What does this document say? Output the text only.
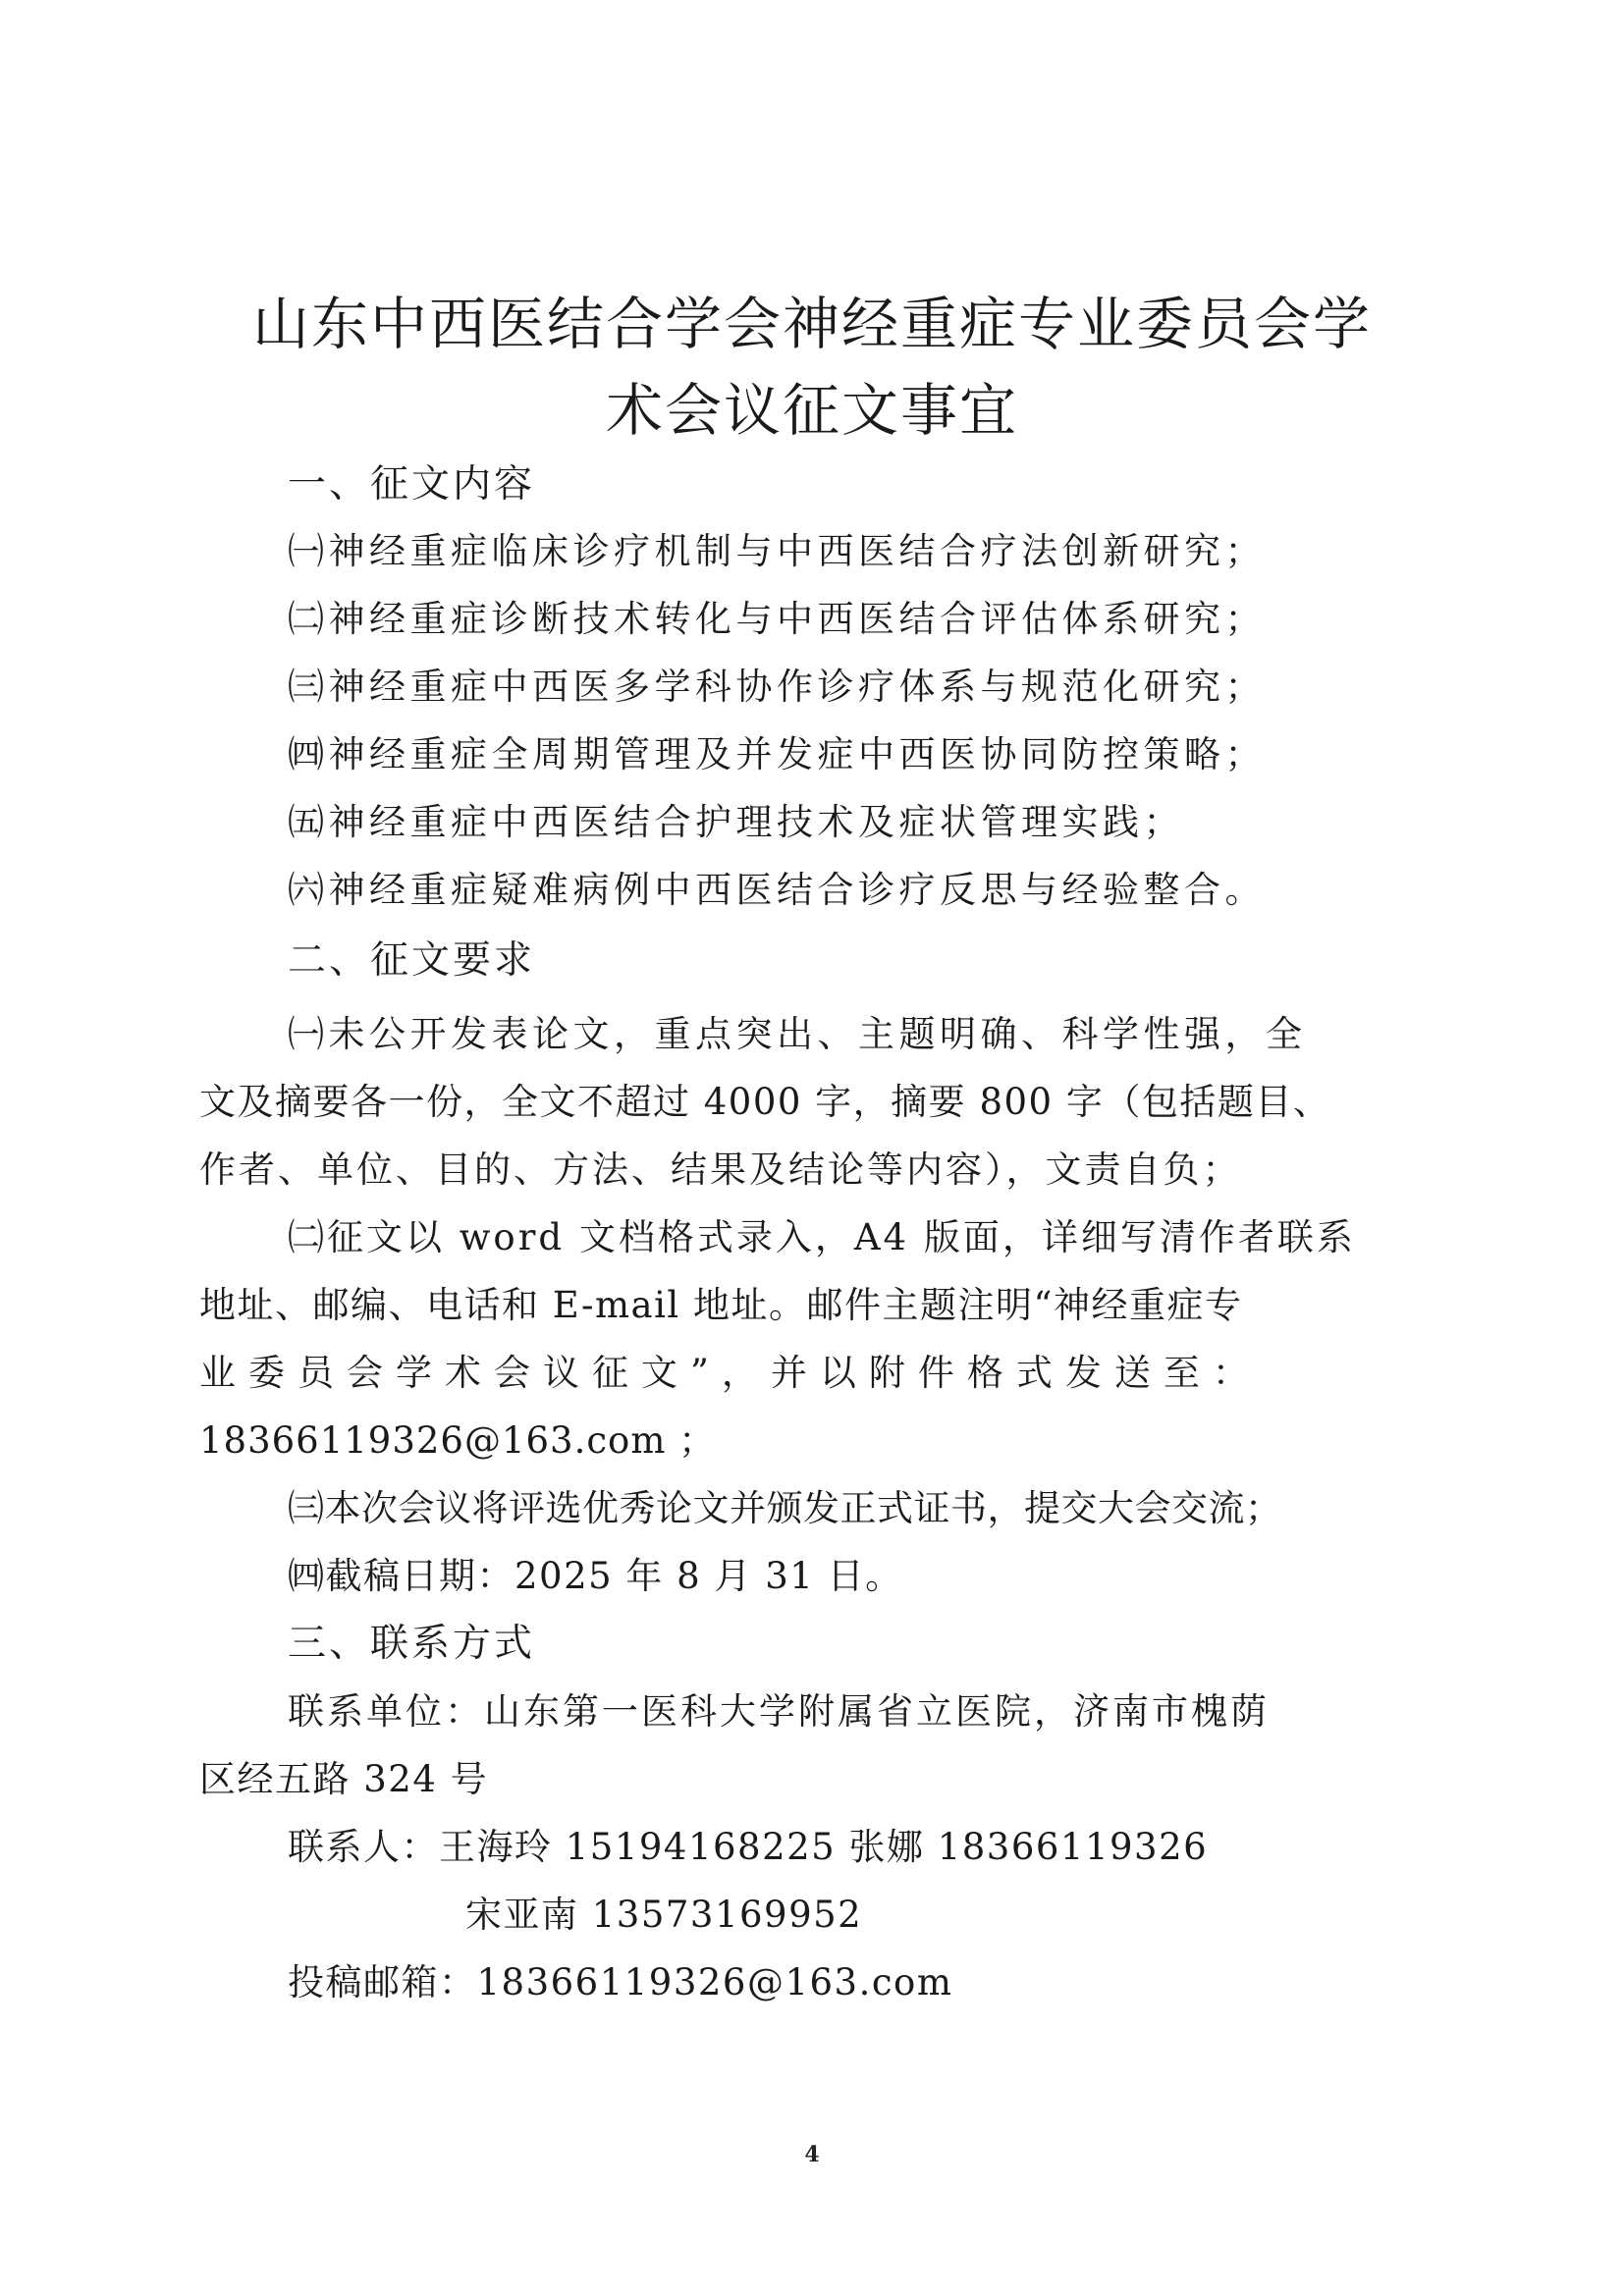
山东中西医结合学会神经重症专业委员会学
术会议征文事宜
一、征文内容
㈠神经重症临床诊疗机制与中西医结合疗法创新研究；
㈡神经重症诊断技术转化与中西医结合评估体系研究；
㈢神经重症中西医多学科协作诊疗体系与规范化研究；
㈣神经重症全周期管理及并发症中西医协同防控策略；
㈤神经重症中西医结合护理技术及症状管理实践；
㈥神经重症疑难病例中西医结合诊疗反思与经验整合。
二、征文要求
㈠未公开发表论文，重点突出、主题明确、科学性强，全
文及摘要各一份，全文不超过 4000 字，摘要 800 字（包括题目、
作者、单位、目的、方法、结果及结论等内容），文责自负；
㈡征文以 word 文档格式录入，A4 版面，详细写清作者联系
地址、邮编、电话和 E-mail 地址。邮件主题注明“神经重症专
业委员会学术会议征文”，并以附件格式发送至：
18366119326@163.com ；
㈢本次会议将评选优秀论文并颁发正式证书，提交大会交流；
㈣截稿日期：2025 年 8 月 31 日。
三、联系方式
联系单位：山东第一医科大学附属省立医院，济南市槐荫
区经五路 324 号
联系人：王海玲 15194168225 张娜 18366119326
宋亚南 13573169952
投稿邮箱：18366119326@163.com
4
